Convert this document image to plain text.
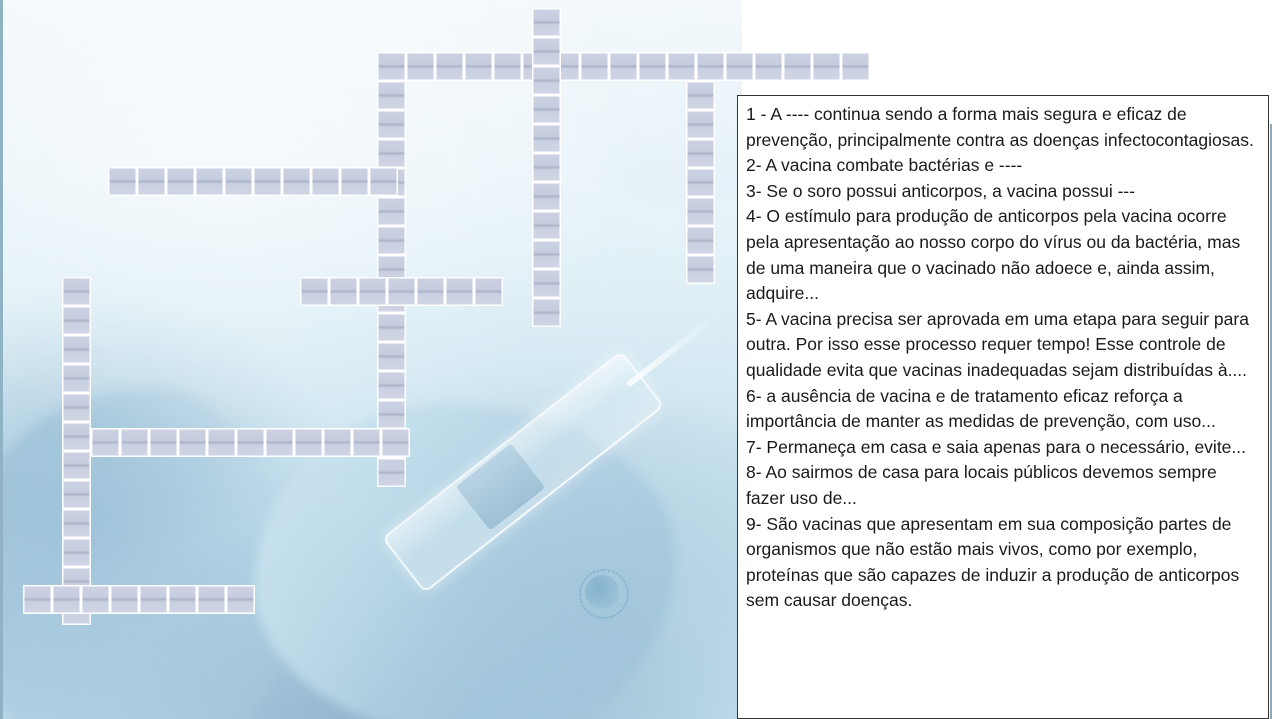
1 - A ---- continua sendo a forma mais segura e eficaz de prevenção, principalmente contra as doenças infectocontagiosas.
2- A vacina combate bactérias e ----
3- Se o soro possui anticorpos, a vacina possui ---
4- O estímulo para produção de anticorpos pela vacina ocorre pela apresentação ao nosso corpo do vírus ou da bactéria, mas de uma maneira que o vacinado não adoece e, ainda assim, adquire...
5- A vacina precisa ser aprovada em uma etapa para seguir para outra. Por isso esse processo requer tempo! Esse controle de qualidade evita que vacinas inadequadas sejam distribuídas à....
6- a ausência de vacina e de tratamento eficaz reforça a importância de manter as medidas de prevenção, com uso...
7- Permaneça em casa e saia apenas para o necessário, evite...
8- Ao sairmos de casa para locais públicos devemos sempre fazer uso de...
9- São vacinas que apresentam em sua composição partes de organismos que não estão mais vivos, como por exemplo, proteínas que são capazes de induzir a produção de anticorpos sem causar doenças.
